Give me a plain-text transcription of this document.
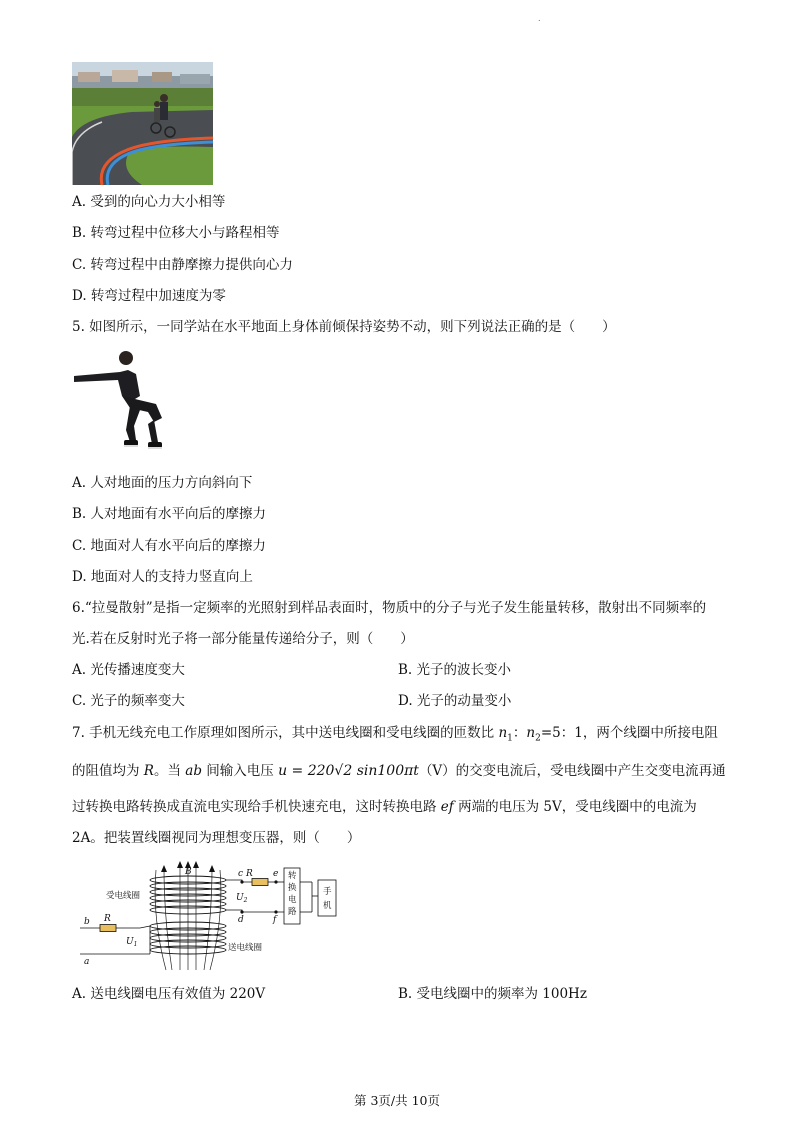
.
A. 受到的向心力大小相等
B. 转弯过程中位移大小与路程相等
C. 转弯过程中由静摩擦力提供向心力
D. 转弯过程中加速度为零
5. 如图所示，一同学站在水平地面上身体前倾保持姿势不动，则下列说法正确的是（　　）
A. 人对地面的压力方向斜向下
B. 人对地面有水平向后的摩擦力
C. 地面对人有水平向后的摩擦力
D. 地面对人的支持力竖直向上
6.“拉曼散射”是指一定频率的光照射到样品表面时，物质中的分子与光子发生能量转移，散射出不同频率的
光.若在反射时光子将一部分能量传递给分子，则（　　）
A. 光传播速度变大	B. 光子的波长变小
C. 光子的频率变大	D. 光子的动量变小
7. 手机无线充电工作原理如图所示，其中送电线圈和受电线圈的匝数比 $n_1$：$n_2=5$：1，两个线圈中所接电阻
的阻值均为 R。当 ab 间输入电压 u = 220√2 sin100πt（V）的交变电流后，受电线圈中产生交变电流再通
过转换电路转换成直流电实现给手机快速充电，这时转换电路 ef 两端的电压为 5V，受电线圈中的电流为
2A。把装置线圈视同为理想变压器，则（　　）
B
受电线圈
送电线圈
R
c
d
e
f
$U_2$
转
换
电
路
手
机
b
a
R
$U_1$
A. 送电线圈电压有效值为 220V	B. 受电线圈中的频率为 100Hz
第 3页/共 10页
